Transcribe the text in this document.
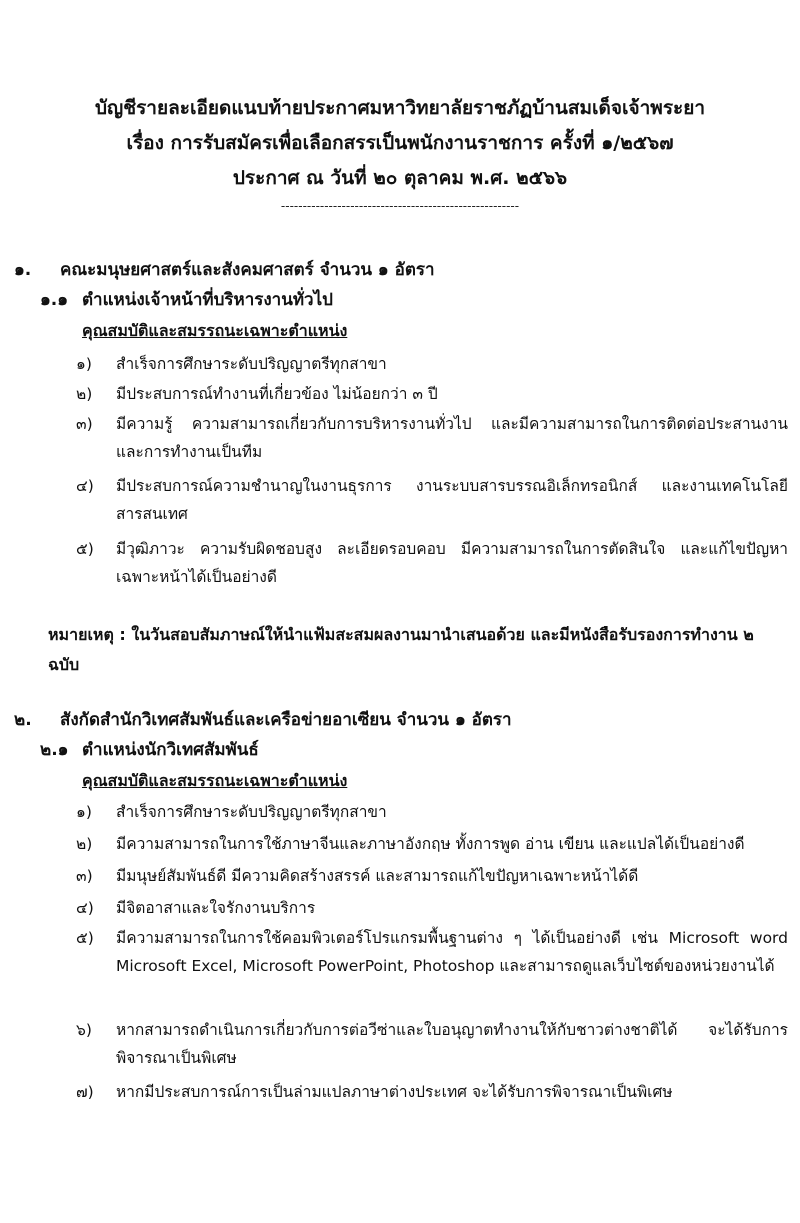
บัญชีรายละเอียดแนบท้ายประกาศมหาวิทยาลัยราชภัฏบ้านสมเด็จเจ้าพระยา
เรื่อง การรับสมัครเพื่อเลือกสรรเป็นพนักงานราชการ ครั้งที่ ๑/๒๕๖๗
ประกาศ ณ วันที่ ๒๐ ตุลาคม พ.ศ. ๒๕๖๖
-------------------------------------------------------
๑. คณะมนุษยศาสตร์และสังคมศาสตร์ จำนวน ๑ อัตรา
๑.๑ ตำแหน่งเจ้าหน้าที่บริหารงานทั่วไป
คุณสมบัติและสมรรถนะเฉพาะตำแหน่ง
๑)	สำเร็จการศึกษาระดับปริญญาตรีทุกสาขา
๒)	มีประสบการณ์ทำงานที่เกี่ยวข้อง ไม่น้อยกว่า ๓ ปี
๓)	มีความรู้ ความสามารถเกี่ยวกับการบริหารงานทั่วไป และมีความสามารถในการติดต่อประสานงาน และการทำงานเป็นทีม
๔)	มีประสบการณ์ความชำนาญในงานธุรการ งานระบบสารบรรณอิเล็กทรอนิกส์ และงานเทคโนโลยีสารสนเทศ
๕)	มีวุฒิภาวะ ความรับผิดชอบสูง ละเอียดรอบคอบ มีความสามารถในการตัดสินใจ และแก้ไขปัญหาเฉพาะหน้าได้เป็นอย่างดี
หมายเหตุ : ในวันสอบสัมภาษณ์ให้นำแฟ้มสะสมผลงานมานำเสนอด้วย และมีหนังสือรับรองการทำงาน ๒ ฉบับ
๒. สังกัดสำนักวิเทศสัมพันธ์และเครือข่ายอาเซียน จำนวน ๑ อัตรา
๒.๑ ตำแหน่งนักวิเทศสัมพันธ์
คุณสมบัติและสมรรถนะเฉพาะตำแหน่ง
๑)	สำเร็จการศึกษาระดับปริญญาตรีทุกสาขา
๒)	มีความสามารถในการใช้ภาษาจีนและภาษาอังกฤษ ทั้งการพูด อ่าน เขียน และแปลได้เป็นอย่างดี
๓)	มีมนุษย์สัมพันธ์ดี มีความคิดสร้างสรรค์ และสามารถแก้ไขปัญหาเฉพาะหน้าได้ดี
๔)	มีจิตอาสาและใจรักงานบริการ
๕)	มีความสามารถในการใช้คอมพิวเตอร์โปรแกรมพื้นฐานต่าง ๆ ได้เป็นอย่างดี เช่น Microsoft word Microsoft Excel, Microsoft PowerPoint, Photoshop และสามารถดูแลเว็บไซต์ของหน่วยงานได้
๖)	หากสามารถดำเนินการเกี่ยวกับการต่อวีซ่าและใบอนุญาตทำงานให้กับชาวต่างชาติได้ จะได้รับการพิจารณาเป็นพิเศษ
๗)	หากมีประสบการณ์การเป็นล่ามแปลภาษาต่างประเทศ จะได้รับการพิจารณาเป็นพิเศษ
